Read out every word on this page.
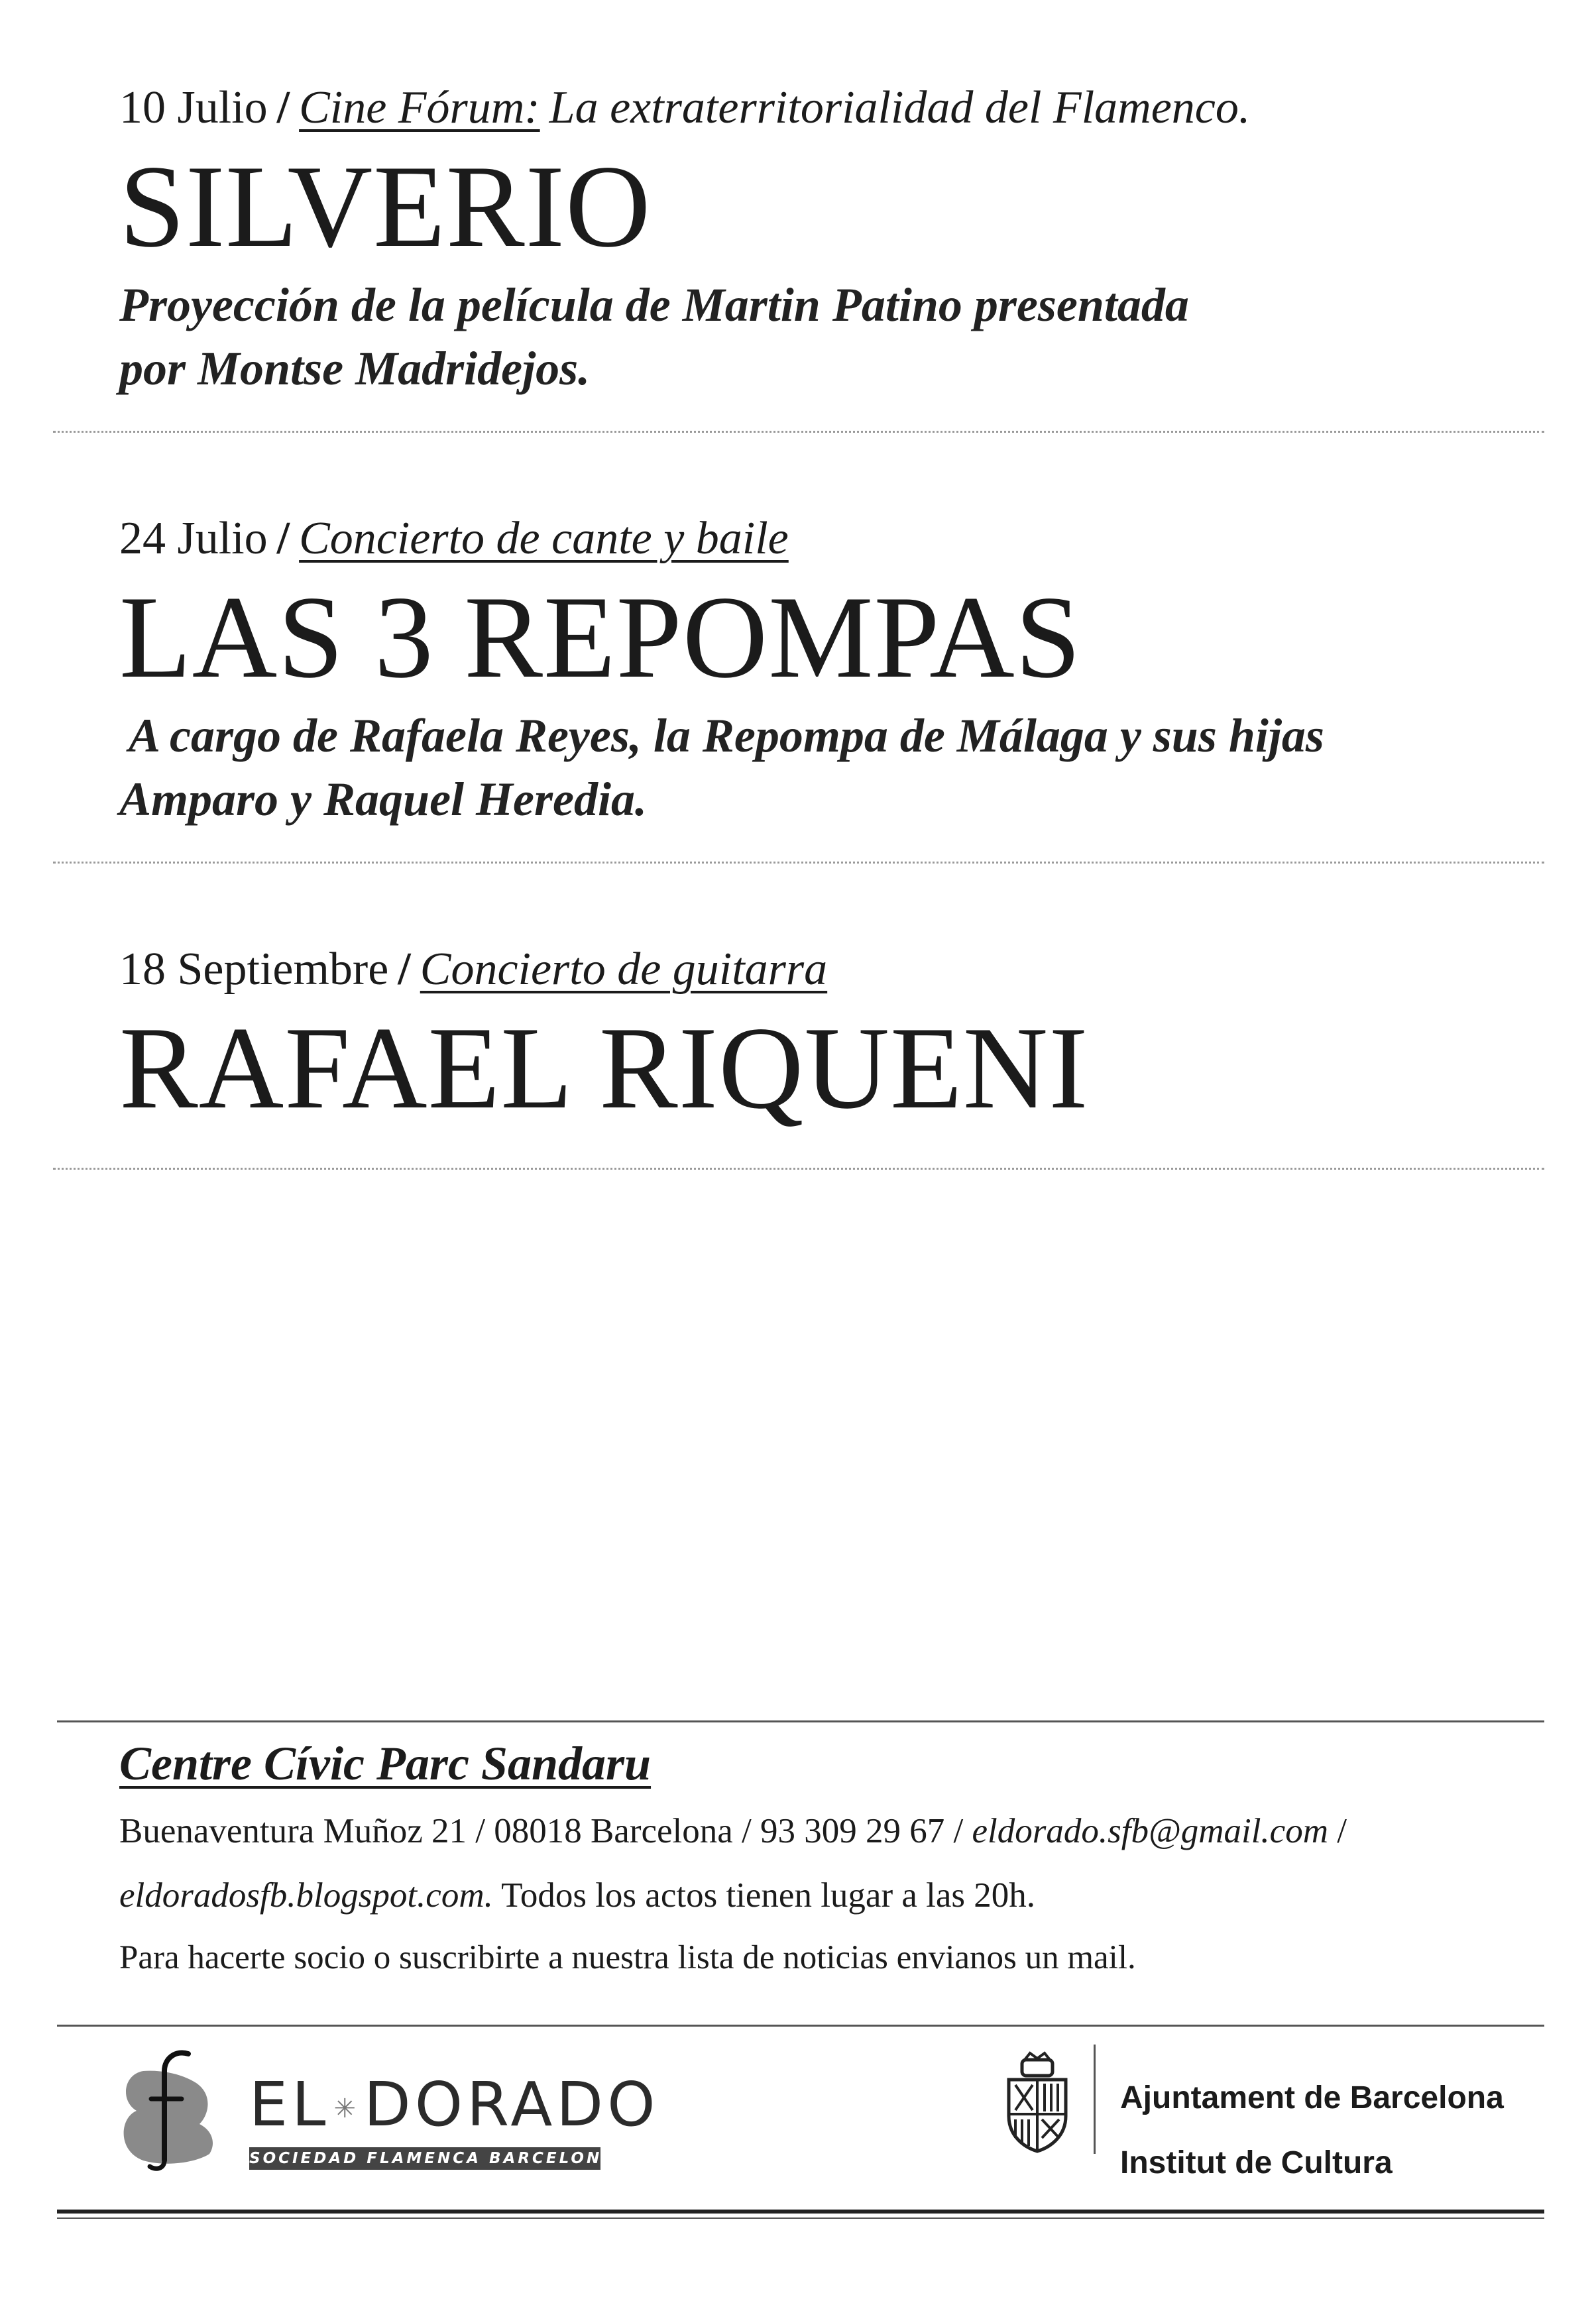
10 Julio / Cine Fórum: La extraterritorialidad del Flamenco.
SILVERIO
Proyección de la película de Martin Patino presentada
por Montse Madridejos.
24 Julio / Concierto de cante y baile
LAS 3 REPOMPAS
A cargo de Rafaela Reyes, la Repompa de Málaga y sus hijas
Amparo y Raquel Heredia.
18 Septiembre / Concierto de guitarra
RAFAEL RIQUENI
Centre Cívic Parc Sandaru
Buenaventura Muñoz 21 / 08018 Barcelona / 93 309 29 67 / eldorado.sfb@gmail.com /
eldoradosfb.blogspot.com. Todos los actos tienen lugar a las 20h.
Para hacerte socio o suscribirte a nuestra lista de noticias envianos un mail.
EL ✳DORADO
SOCIEDAD FLAMENCA BARCELONESA
Ajuntament de Barcelona
Institut de Cultura
